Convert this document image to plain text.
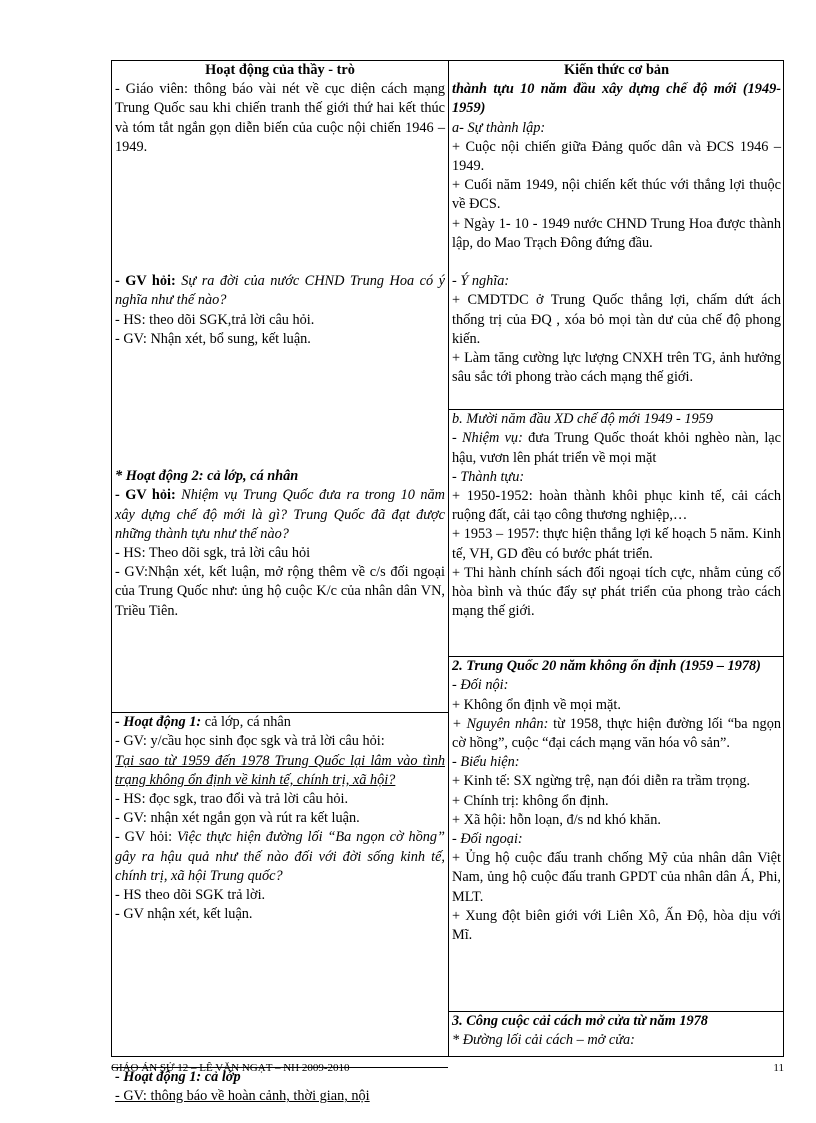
Hoạt động của thầy - trò

- Giáo viên: thông báo vài nét về cục diện cách mạng Trung Quốc sau khi chiến tranh thế giới thứ hai kết thúc và tóm tắt ngắn gọn diễn biến của cuộc nội chiến 1946 – 1949.

- GV hỏi: Sự ra đời của nước CHND Trung Hoa có ý nghĩa như thế nào?

- HS: theo dõi SGK,trả lời câu hỏi.

- GV: Nhận xét, bổ sung, kết luận.

* Hoạt động 2: cả lớp, cá nhân

- GV hỏi: Nhiệm vụ Trung Quốc đưa ra trong 10 năm xây dựng chế độ mới là gì? Trung Quốc đã đạt được những thành tựu như thế nào?

- HS: Theo dõi sgk, trả lời câu hỏi

- GV:Nhận xét, kết luận, mở rộng thêm về c/s đối ngoại của Trung Quốc như: ủng hộ cuộc K/c của nhân dân VN, Triều Tiên.

- Hoạt động 1: cả lớp, cá nhân

- GV: y/cầu học sinh đọc sgk và trả lời câu hỏi:

Tại sao từ 1959 đến 1978 Trung Quốc lại lâm vào tình trạng không ổn định về kinh tế, chính trị, xã hội?

- HS: đọc sgk, trao đổi và trả lời câu hỏi.

- GV: nhận xét ngắn gọn và rút ra kết luận.

- GV hỏi: Việc thực hiện đường lối “Ba ngọn cờ hồng” gây ra hậu quả như thế nào đối với đời sống kinh tế, chính trị, xã hội Trung quốc?

- HS theo dõi SGK trả lời.

- GV nhận xét, kết luận.

- Hoạt động 1: cả lớp

- GV: thông báo về hoàn cảnh, thời gian, nội

Kiến thức cơ bản

thành tựu 10 năm đầu xây dựng chế độ mới (1949-1959)

a- Sự thành lập:

+ Cuộc nội chiến giữa Đảng quốc dân và ĐCS 1946 – 1949.

+ Cuối năm 1949, nội chiến kết thúc với thắng lợi thuộc về ĐCS.

+ Ngày 1- 10 - 1949 nước CHND Trung Hoa được thành lập, do Mao Trạch Đông đứng đầu.

- Ý nghĩa:

+ CMDTDC ở Trung Quốc thắng lợi, chấm dứt ách thống trị của ĐQ , xóa bỏ mọi tàn dư của chế độ phong kiến.

+ Làm tăng cường lực lượng CNXH trên TG, ảnh hưởng sâu sắc tới phong trào cách mạng thế giới.

b. Mười năm đầu XD chế độ mới 1949 - 1959

- Nhiệm vụ: đưa Trung Quốc thoát khỏi nghèo nàn, lạc hậu, vươn lên phát triển về mọi mặt

- Thành tựu:

+ 1950-1952: hoàn thành khôi phục kinh tế, cải cách ruộng đất, cải tạo công thương nghiệp,…

+ 1953 – 1957: thực hiện thắng lợi kế hoạch 5 năm. Kinh tế, VH, GD đều có bước phát triển.

+ Thi hành chính sách đối ngoại tích cực, nhằm củng cố hòa bình và thúc đẩy sự phát triển của phong trào cách mạng thế giới.

2. Trung Quốc 20 năm không ổn định (1959 – 1978)

- Đối nội:

+ Không ổn định về mọi mặt.

+ Nguyên nhân: từ 1958, thực hiện đường lối “ba ngọn cờ hồng”, cuộc “đại cách mạng văn hóa vô sản”.

- Biểu hiện:

+ Kinh tế: SX ngừng trệ, nạn đói diễn ra trầm trọng.

+ Chính trị: không ổn định.

+ Xã hội: hỗn loạn, đ/s nd khó khăn.

- Đối ngoại:

+ Ủng hộ cuộc đấu tranh chống Mỹ của nhân dân Việt Nam, ủng hộ cuộc đấu tranh GPDT của nhân dân Á, Phi, MLT.

+ Xung đột biên giới với Liên Xô, Ấn Độ, hòa dịu với Mĩ.

3. Công cuộc cải cách mở cửa từ năm 1978

* Đường lối cải cách – mở cửa:

GIÁO ÁN SỬ 12 – LÊ VĂN NGẠT – NH 2009-2010	11
